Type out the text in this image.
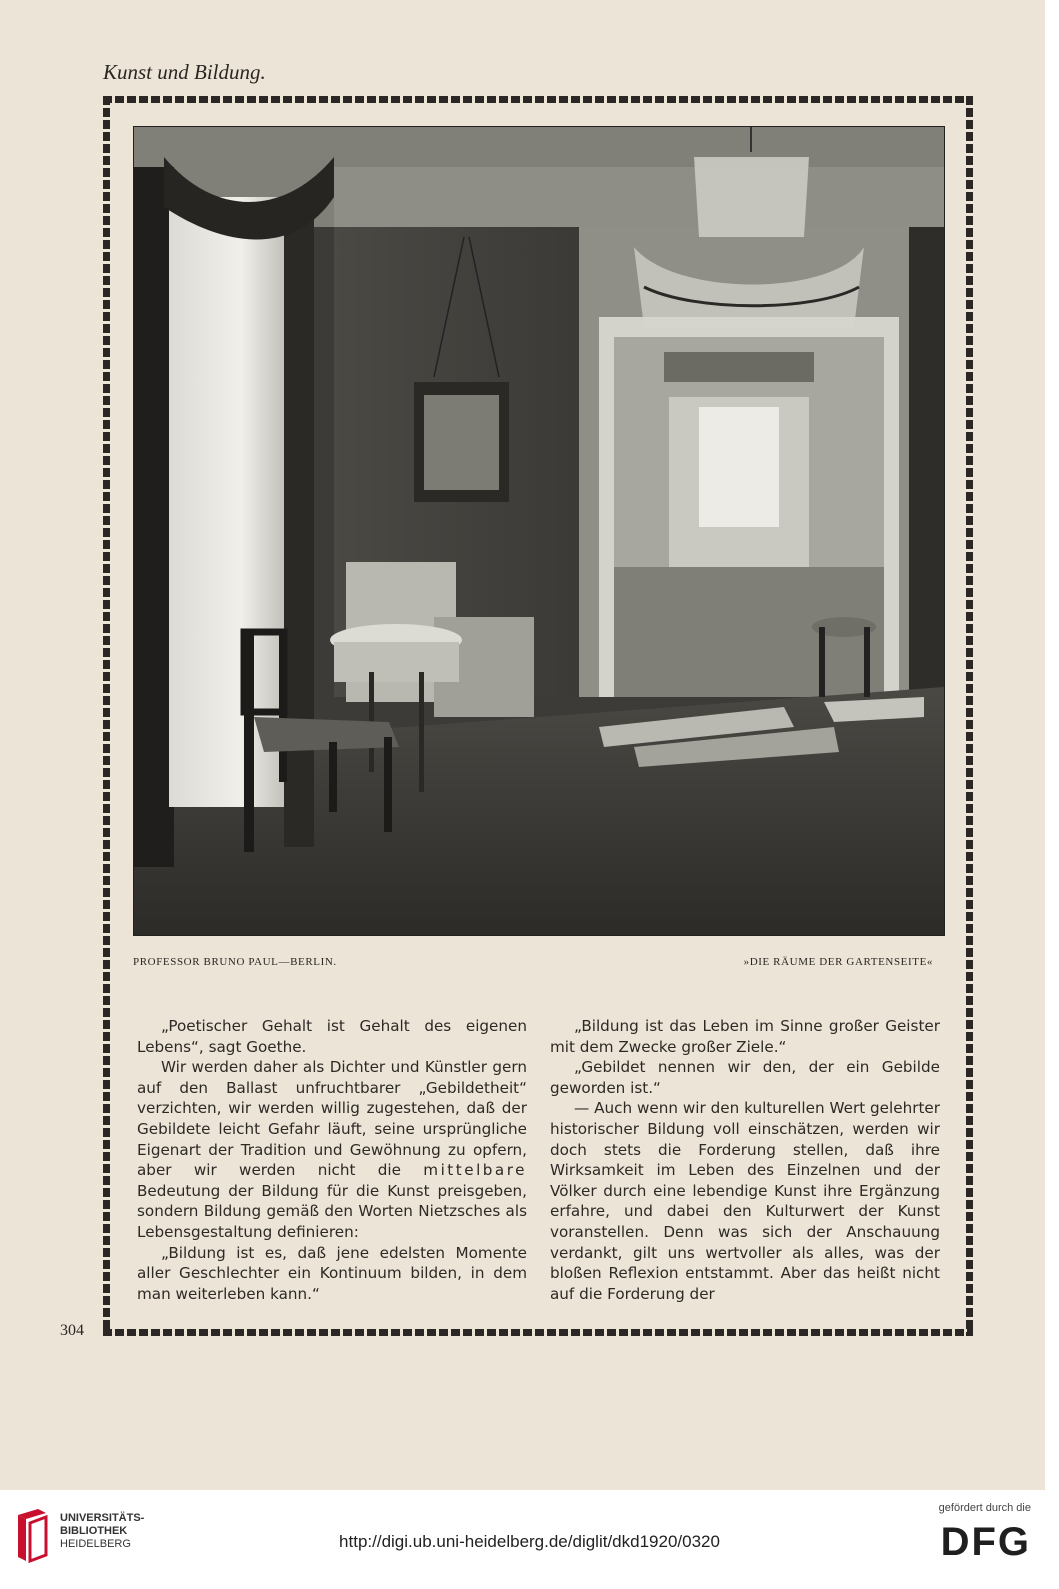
Kunst und Bildung.

PROFESSOR BRUNO PAUL—BERLIN.	»DIE RÄUME DER GARTENSEITE«

„Poetischer Gehalt ist Gehalt des eigenen Lebens“, sagt Goethe.

Wir werden daher als Dichter und Künstler gern auf den Ballast unfruchtbarer „Gebildetheit“ verzichten, wir werden willig zugestehen, daß der Gebildete leicht Gefahr läuft, seine ursprüngliche Eigenart der Tradition und Gewöhnung zu opfern, aber wir werden nicht die mittelbare Bedeutung der Bildung für die Kunst preisgeben, sondern Bildung gemäß den Worten Nietzsches als Lebensgestaltung definieren:

„Bildung ist es, daß jene edelsten Momente aller Geschlechter ein Kontinuum bilden, in dem man weiterleben kann.“

„Bildung ist das Leben im Sinne großer Geister mit dem Zwecke großer Ziele.“

„Gebildet nennen wir den, der ein Gebilde geworden ist.“

— Auch wenn wir den kulturellen Wert gelehrter historischer Bildung voll einschätzen, werden wir doch stets die Forderung stellen, daß ihre Wirksamkeit im Leben des Einzelnen und der Völker durch eine lebendige Kunst ihre Ergänzung erfahre, und dabei den Kulturwert der Kunst voranstellen. Denn was sich der Anschauung verdankt, gilt uns wertvoller als alles, was der bloßen Reflexion entstammt. Aber das heißt nicht auf die Forderung der

304
UNIVERSITÄTS-
BIBLIOTHEK
HEIDELBERG	http://digi.ub.uni-heidelberg.de/diglit/dkd1920/0320
gefördert durch die
DFG
